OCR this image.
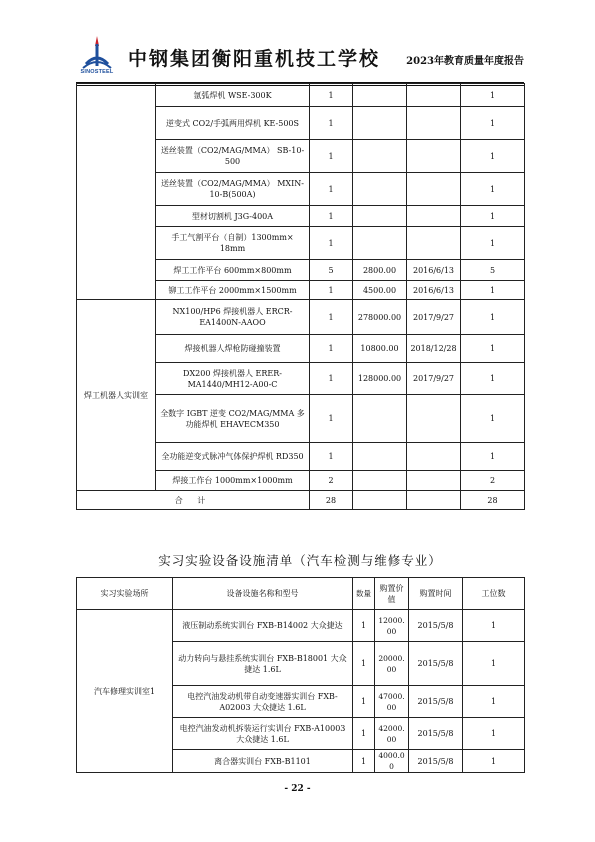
SINOSTEEL
中钢集团衡阳重机技工学校	2023年教育质量年度报告
	氩弧焊机 WSE-300K	1			1
	逆变式 CO2/手弧两用焊机 KE-500S	1			1
	送丝装置（CO2/MAG/MMA） SB-10-500	1			1
	送丝装置（CO2/MAG/MMA） MXIN-10-B(500A)	1			1
	型材切割机 J3G-400A	1			1
	手工气割平台（自制）1300mm× 18mm	1			1
	焊工工作平台 600mm×800mm	5	2800.00	2016/6/13	5
	铆工工作平台 2000mm×1500mm	1	4500.00	2016/6/13	1
焊工机器人实训室	NX100/HP6 焊接机器人 ERCR-EA1400N-AAOO	1	278000.00	2017/9/27	1
	焊接机器人焊枪防碰撞装置	1	10800.00	2018/12/28	1
	DX200 焊接机器人 ERER-MA1440/MH12-A00-C	1	128000.00	2017/9/27	1
	全数字 IGBT 逆变 CO2/MAG/MMA 多功能焊机 EHAVECM350	1			1
	全功能逆变式脉冲气体保护焊机 RD350	1			1
	焊接工作台 1000mm×1000mm	2			2
合 计		28			28
实习实验设备设施清单（汽车检测与维修专业）
实习实验场所	设备设施名称和型号	数量	购置价值	购置时间	工位数
汽车修理实训室1	液压制动系统实训台 FXB-B14002 大众捷达	1	12000.00	2015/5/8	1
	动力转向与悬挂系统实训台 FXB-B18001 大众 捷达 1.6L	1	20000.00	2015/5/8	1
	电控汽油发动机带自动变速器实训台 FXB-A02003 大众捷达 1.6L	1	47000.00	2015/5/8	1
	电控汽油发动机拆装运行实训台 FXB-A10003 大众捷达 1.6L	1	42000.00	2015/5/8	1
	离合器实训台 FXB-B1101	1	4000.00	2015/5/8	1
- 22 -
